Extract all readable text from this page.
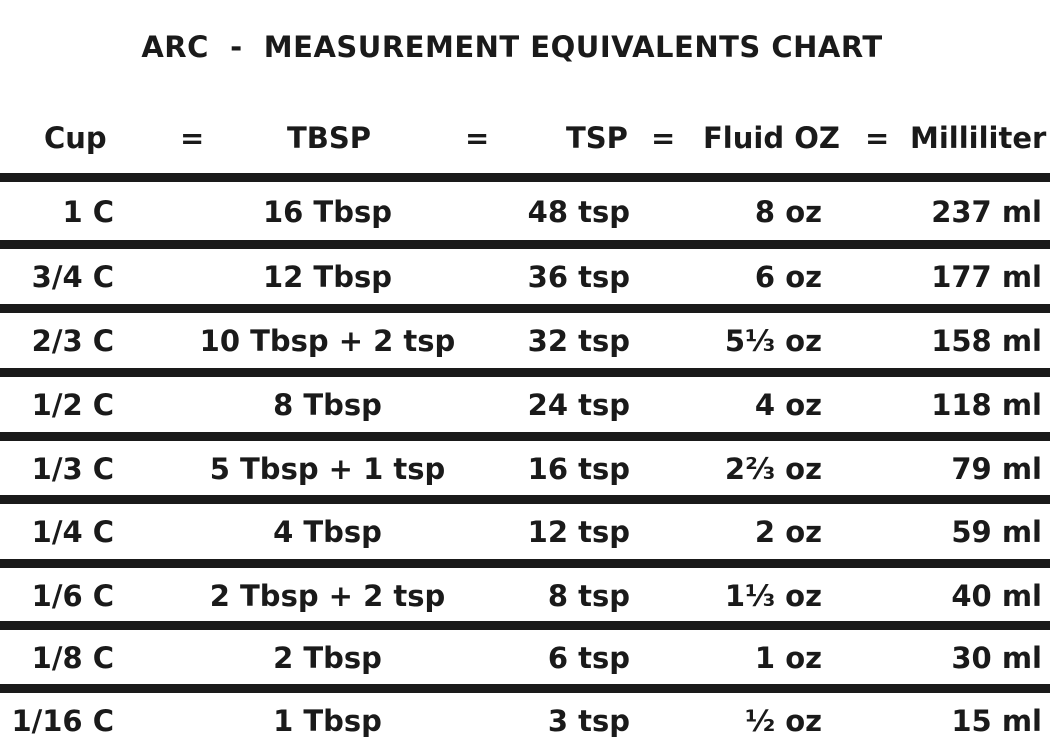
ARC  -  MEASUREMENT EQUIVALENTS CHART
Cup	=	TBSP	=	TSP = Fluid OZ = Milliliter
1 C	16 Tbsp	48 tsp	8 oz	237 ml
3/4 C	12 Tbsp	36 tsp	6 oz	177 ml
2/3 C	10 Tbsp + 2 tsp	32 tsp	5⅓ oz	158 ml
1/2 C	8 Tbsp	24 tsp	4 oz	118 ml
1/3 C	5 Tbsp + 1 tsp	16 tsp	2⅔ oz	79 ml
1/4 C	4 Tbsp	12 tsp	2 oz	59 ml
1/6 C	2 Tbsp + 2 tsp	8 tsp	1⅓ oz	40 ml
1/8 C	2 Tbsp	6 tsp	1 oz	30 ml
1/16 C	1 Tbsp	3 tsp	½ oz	15 ml
